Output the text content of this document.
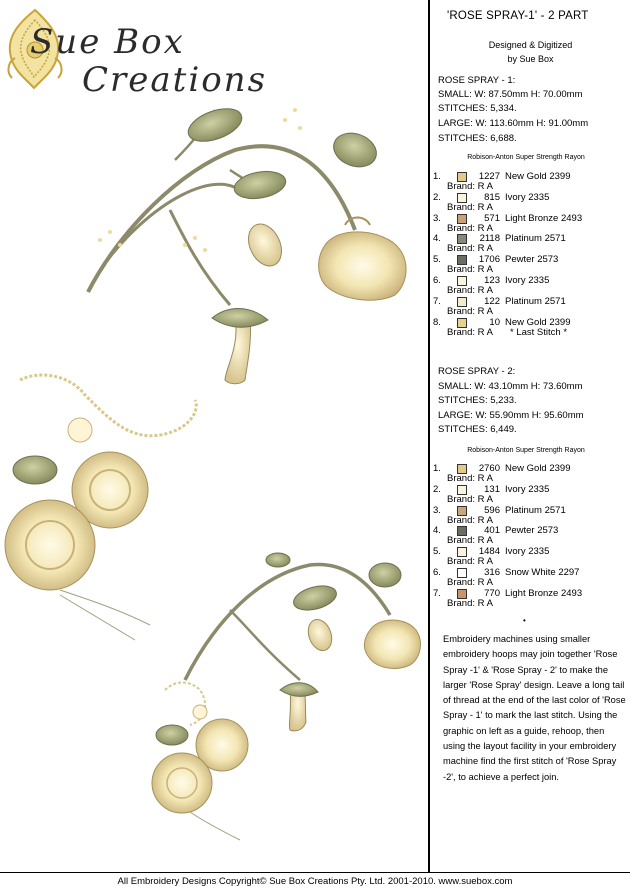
Sue Box
Creations
'ROSE SPRAY-1' - 2 PART
Designed & Digitized
by Sue Box
ROSE SPRAY - 1:
SMALL: W: 87.50mm H: 70.00mm
STITCHES: 5,334.
LARGE: W: 113.60mm H: 91.00mm
STITCHES: 6,688.
Robison-Anton Super Strength Rayon
1.	1227 New Gold 2399
Brand: R A
2.	815 Ivory 2335
Brand: R A
3.	571 Light Bronze 2493
Brand: R A
4.	2118 Platinum 2571
Brand: R A
5.	1706 Pewter 2573
Brand: R A
6.	123 Ivory 2335
Brand: R A
7.	122 Platinum 2571
Brand: R A
8.	10 New Gold 2399
Brand: R A * Last Stitch *
ROSE SPRAY - 2:
SMALL: W: 43.10mm H: 73.60mm
STITCHES: 5,233.
LARGE: W: 55.90mm H: 95.60mm
STITCHES: 6,449.
Robison-Anton Super Strength Rayon
1.	2760 New Gold 2399
Brand: R A
2.	131 Ivory 2335
Brand: R A
3.	596 Platinum 2571
Brand: R A
4.	401 Pewter 2573
Brand: R A
5.	1484 Ivory 2335
Brand: R A
6.	316 Snow White 2297
Brand: R A
7.	770 Light Bronze 2493
Brand: R A
•
Embroidery machines using smaller embroidery hoops may join together 'Rose Spray -1' & 'Rose Spray - 2' to make the larger 'Rose Spray' design. Leave a long tail of thread at the end of the last color of 'Rose Spray - 1' to mark the last stitch. Using the graphic on left as a guide, rehoop, then using the layout facility in your embroidery machine find the first stitch of 'Rose Spray -2', to achieve a perfect join.
All Embroidery Designs Copyright© Sue Box Creations Pty. Ltd. 2001-2010. www.suebox.com
